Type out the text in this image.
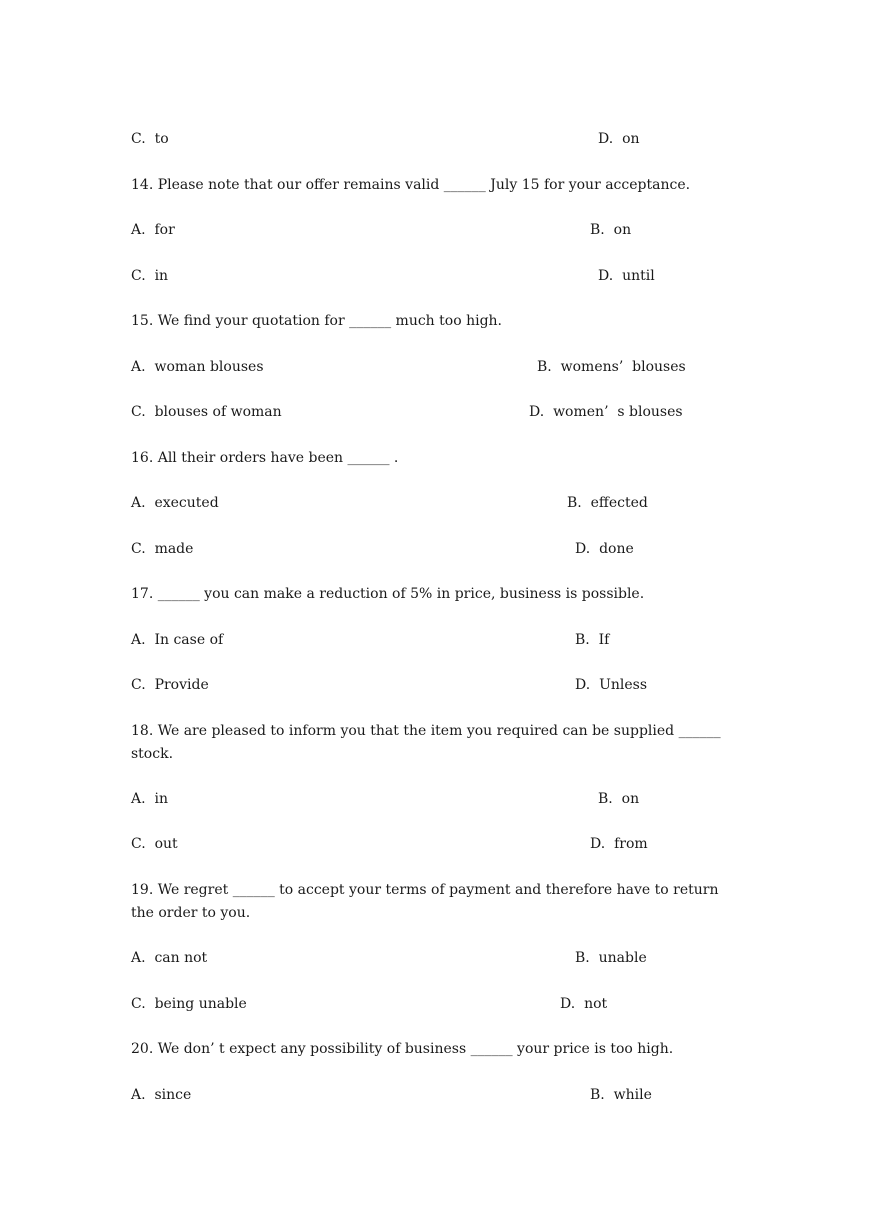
C.  to	D.  on
14. Please note that our offer remains valid ______ July 15 for your acceptance.
A.  for	B.  on
C.  in	D.  until
15. We find your quotation for ______ much too high.
A.  woman blouses	B.  womens’  blouses
C.  blouses of woman	D.  women’  s blouses
16. All their orders have been ______ .
A.  executed	B.  effected
C.  made	D.  done
17. ______ you can make a reduction of 5% in price, business is possible.
A.  In case of	B.  If
C.  Provide	D.  Unless
18. We are pleased to inform you that the item you required can be supplied ______ stock.
A.  in	B.  on
C.  out	D.  from
19. We regret ______ to accept your terms of payment and therefore have to return the order to you.
A.  can not	B.  unable
C.  being unable	D.  not
20. We don’ t expect any possibility of business ______ your price is too high.
A.  since	B.  while
